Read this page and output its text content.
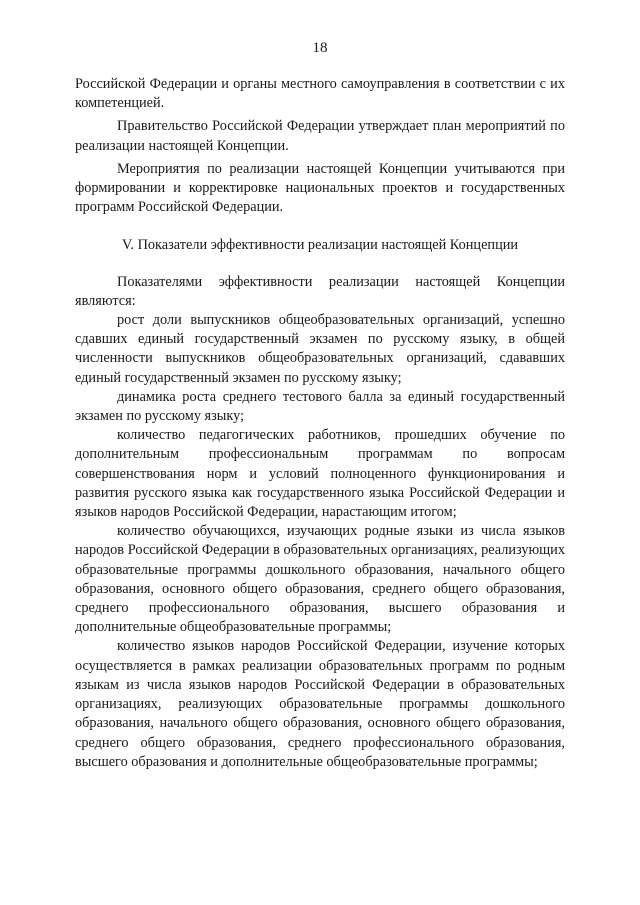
18

Российской Федерации и органы местного самоуправления в соответствии с их компетенцией.

Правительство Российской Федерации утверждает план мероприятий по реализации настоящей Концепции.

Мероприятия по реализации настоящей Концепции учитываются при формировании и корректировке национальных проектов и государственных программ Российской Федерации.

V. Показатели эффективности реализации настоящей Концепции

Показателями эффективности реализации настоящей Концепции являются:

рост доли выпускников общеобразовательных организаций, успешно сдавших единый государственный экзамен по русскому языку, в общей численности выпускников общеобразовательных организаций, сдававших единый государственный экзамен по русскому языку;

динамика роста среднего тестового балла за единый государственный экзамен по русскому языку;

количество педагогических работников, прошедших обучение по дополнительным профессиональным программам по вопросам совершенствования норм и условий полноценного функционирования и развития русского языка как государственного языка Российской Федерации и языков народов Российской Федерации, нарастающим итогом;

количество обучающихся, изучающих родные языки из числа языков народов Российской Федерации в образовательных организациях, реализующих образовательные программы дошкольного образования, начального общего образования, основного общего образования, среднего общего образования, среднего профессионального образования, высшего образования и дополнительные общеобразовательные программы;

количество языков народов Российской Федерации, изучение которых осуществляется в рамках реализации образовательных программ по родным языкам из числа языков народов Российской Федерации в образовательных организациях, реализующих образовательные программы дошкольного образования, начального общего образования, основного общего образования, среднего общего образования, среднего профессионального образования, высшего образования и дополнительные общеобразовательные программы;
